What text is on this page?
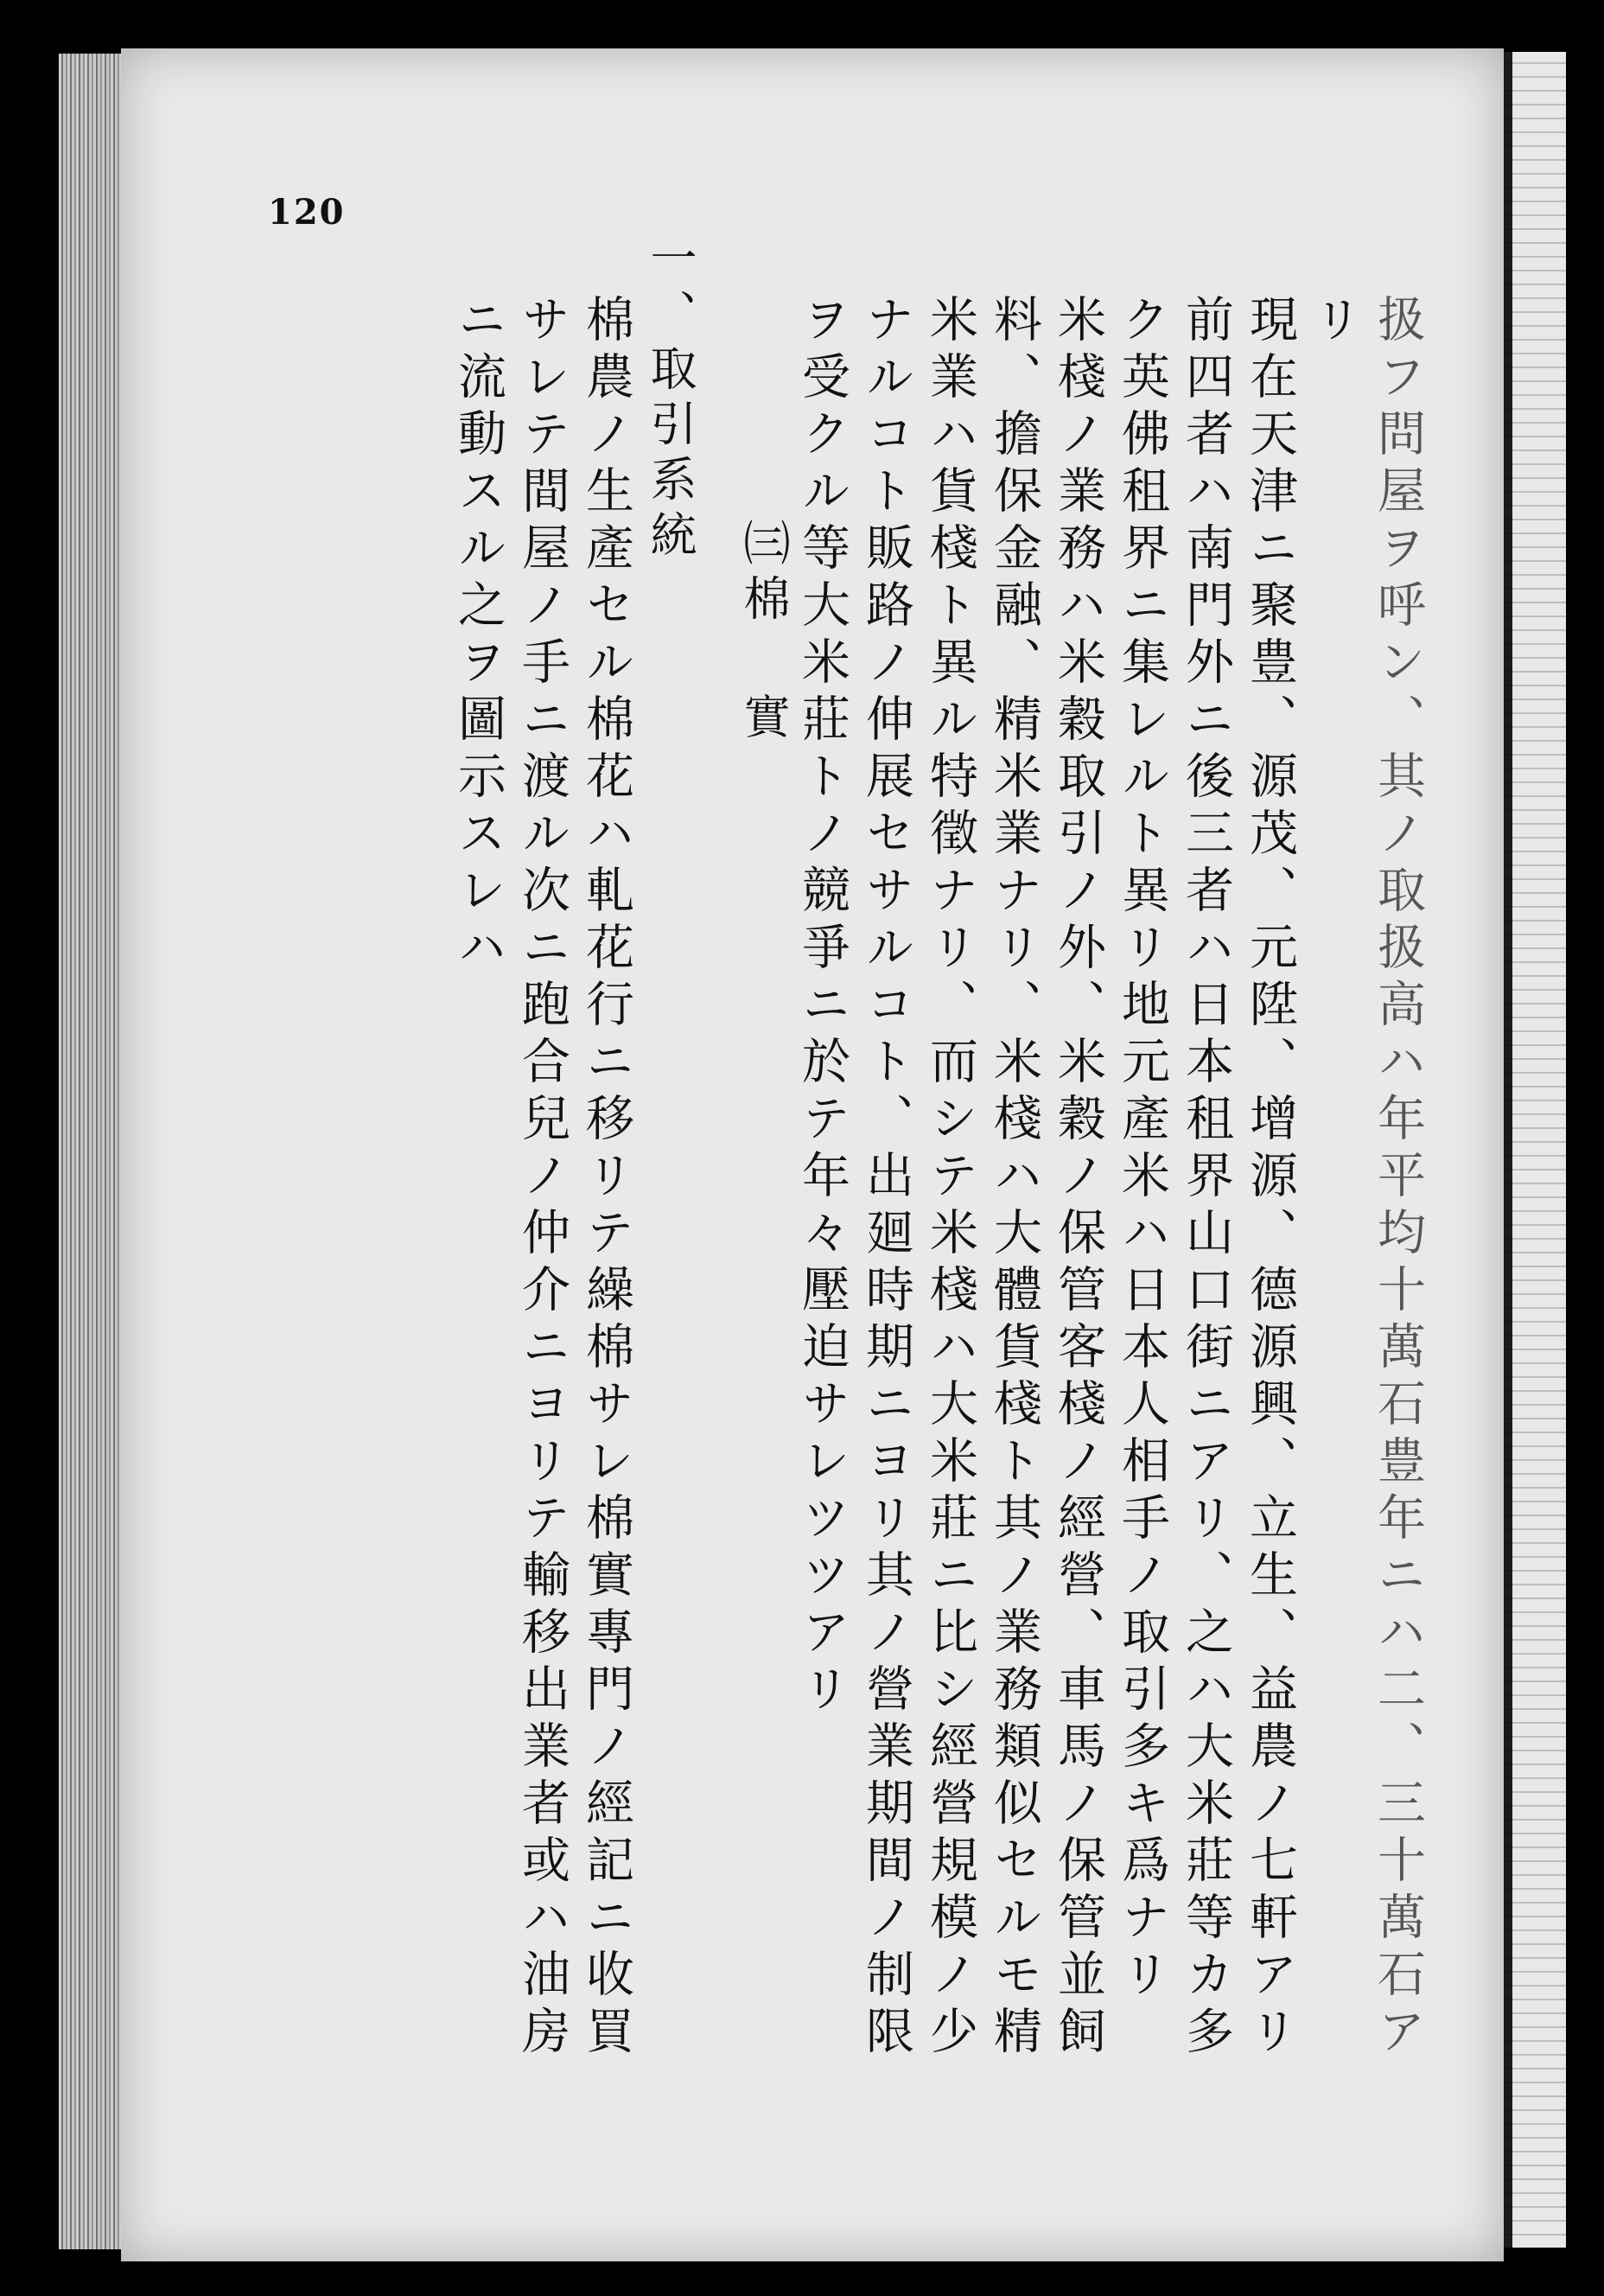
120
扱フ問屋ヲ呼ン、其ノ取扱高ハ年平均十萬石豊年ニハ二、三十萬石ア
リ
現在天津ニ聚豊、源茂、元陞、增源、德源興、立生、益農ノ七軒アリ
前四者ハ南門外ニ後三者ハ日本租界山口街ニアリ、之ハ大米莊等カ多
ク英佛租界ニ集レルト異リ地元產米ハ日本人相手ノ取引多キ爲ナリ
米棧ノ業務ハ米穀取引ノ外、米穀ノ保管客棧ノ經營、車馬ノ保管並飼
料、擔保金融、精米業ナリ、米棧ハ大體貨棧ト其ノ業務類似セルモ精
米業ハ貨棧ト異ル特徵ナリ、而シテ米棧ハ大米莊ニ比シ經營規模ノ少
ナルコト販路ノ伸展セサルコト、出廻時期ニヨリ其ノ營業期間ノ制限
ヲ受クル等大米莊トノ競爭ニ於テ年々壓迫サレツツアリ
㈢棉 實
一、取引系統
棉農ノ生產セル棉花ハ軋花行ニ移リテ繰棉サレ棉實專門ノ經記ニ收買
サレテ間屋ノ手ニ渡ル次ニ跑合兒ノ仲介ニヨリテ輸移出業者或ハ油房
ニ流動スル之ヲ圖示スレハ
